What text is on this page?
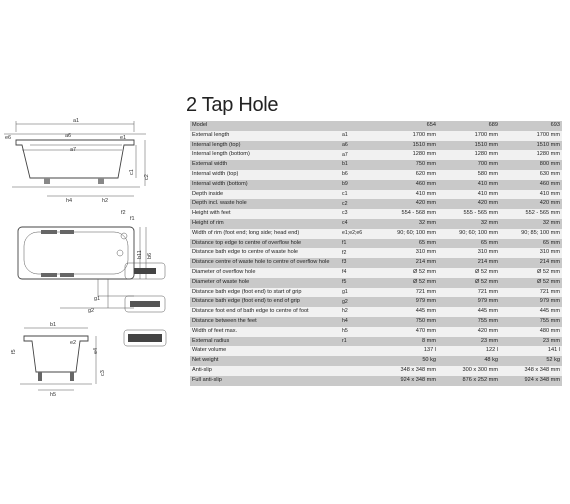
a1
e6	a6	e1
a7
c1
c2
h4	h2
f2
f1
b11 b6
g1
g2
b1
e2
f5	e4
c3
h5
2 Tap Hole
Model		654	689	693
External length	a1	1700 mm	1700 mm	1700 mm
Internal length (top)	a6	1510 mm	1510 mm	1510 mm
Internal length (bottom)	a7	1280 mm	1280 mm	1280 mm
External width	b1	750 mm	700 mm	800 mm
Internal width (top)	b6	620 mm	580 mm	630 mm
Internal width (bottom)	b9	460 mm	410 mm	460 mm
Depth inside	c1	410 mm	410 mm	410 mm
Depth incl. waste hole	c2	420 mm	420 mm	420 mm
Height with feet	c3	554 - 568 mm	555 - 565 mm	552 - 565 mm
Height of rim	c4	32 mm	32 mm	32 mm
Width of rim (foot end; long side; head end)	e1;e2;e6	90; 60; 100 mm	90; 60; 100 mm	90; 85; 100 mm
Distance top edge to centre of overflow hole	f1	65 mm	65 mm	65 mm
Distance bath edge to centre of waste hole	f2	310 mm	310 mm	310 mm
Distance centre of waste hole to centre of overflow hole	f3	214 mm	214 mm	214 mm
Diameter of overflow hole	f4	Ø 52 mm	Ø 52 mm	Ø 52 mm
Diameter of waste hole	f5	Ø 52 mm	Ø 52 mm	Ø 52 mm
Distance bath edge (foot end) to start of grip	g1	721 mm	721 mm	721 mm
Distance bath edge (foot end) to end of grip	g2	979 mm	979 mm	979 mm
Distance foot end of bath edge to centre of foot	h2	445 mm	445 mm	445 mm
Distance between the feet	h4	750 mm	755 mm	755 mm
Width of feet max.	h5	470 mm	420 mm	480 mm
External radius	r1	8 mm	23 mm	23 mm
Water volume		137 l	122 l	141 l
Net weight		50 kg	48 kg	52 kg
Anti-slip		348 x 348 mm	300 x 300 mm	348 x 348 mm
Full anti-slip		924 x 348 mm	876 x 252 mm	924 x 348 mm
